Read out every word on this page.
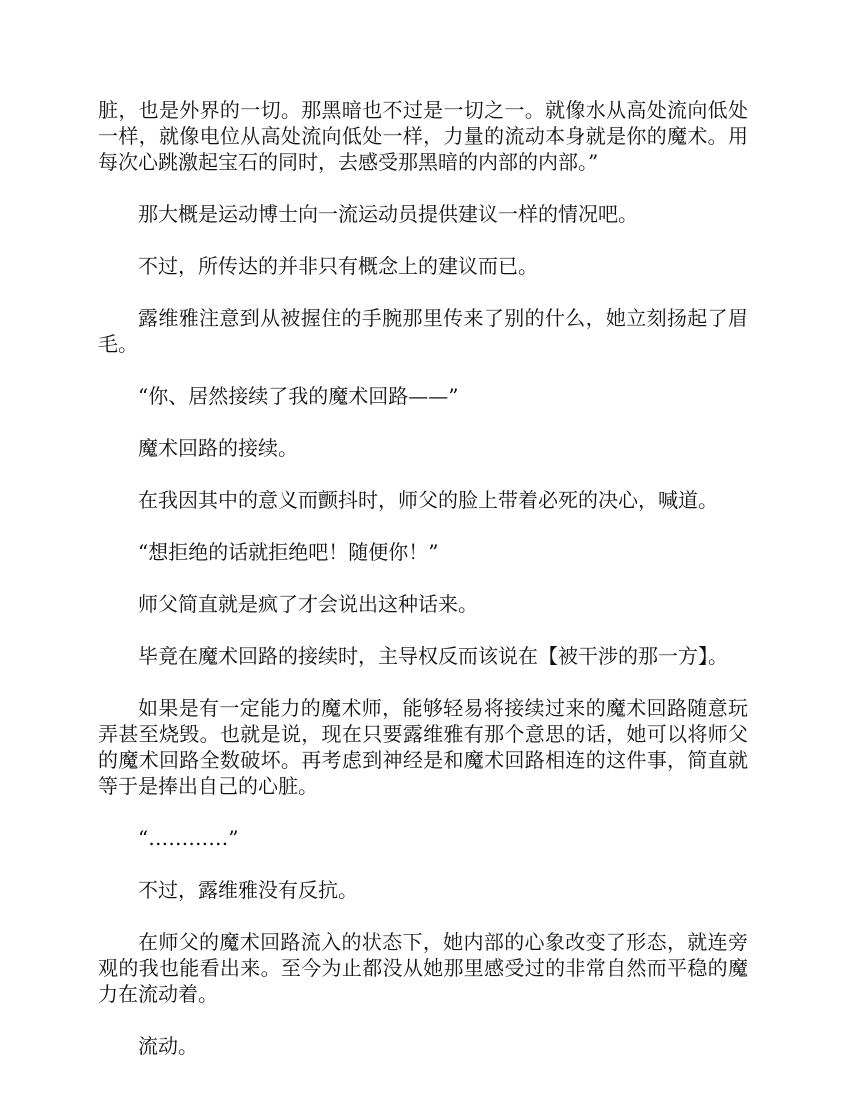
脏，也是外界的一切。那黑暗也不过是一切之一。就像水从高处流向低处一样，就像电位从高处流向低处一样，力量的流动本身就是你的魔术。用每次心跳激起宝石的同时，去感受那黑暗的内部的内部。”

那大概是运动博士向一流运动员提供建议一样的情况吧。

不过，所传达的并非只有概念上的建议而已。

露维雅注意到从被握住的手腕那里传来了别的什么，她立刻扬起了眉毛。

“你、居然接续了我的魔术回路——”

魔术回路的接续。

在我因其中的意义而颤抖时，师父的脸上带着必死的决心，喊道。

“想拒绝的话就拒绝吧！随便你！”

师父简直就是疯了才会说出这种话来。

毕竟在魔术回路的接续时，主导权反而该说在【被干涉的那一方】。

如果是有一定能力的魔术师，能够轻易将接续过来的魔术回路随意玩弄甚至烧毁。也就是说，现在只要露维雅有那个意思的话，她可以将师父的魔术回路全数破坏。再考虑到神经是和魔术回路相连的这件事，简直就等于是捧出自己的心脏。

“…………”

不过，露维雅没有反抗。

在师父的魔术回路流入的状态下，她内部的心象改变了形态，就连旁观的我也能看出来。至今为止都没从她那里感受过的非常自然而平稳的魔力在流动着。

流动。
